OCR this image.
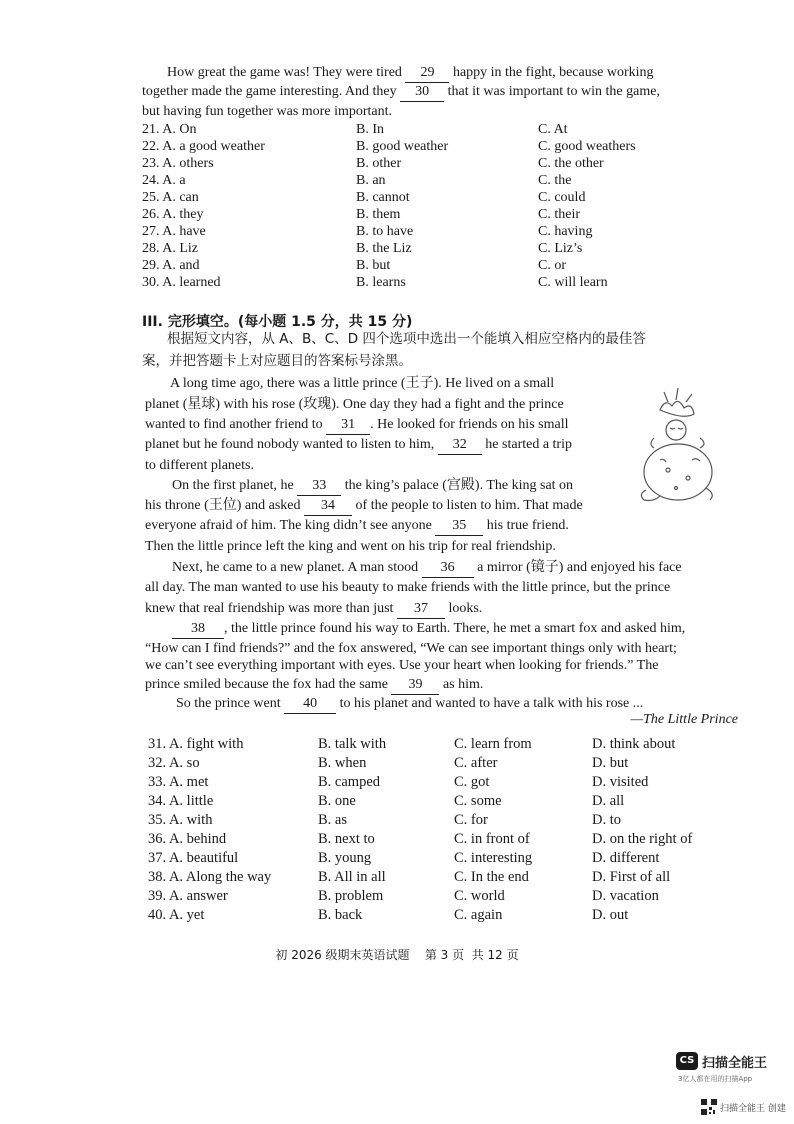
How great the game was! They were tired 29 happy in the fight, because working
together made the game interesting. And they 30 that it was important to win the game,
but having fun together was more important.
21. A. On	B. In	C. At
22. A. a good weather	B. good weather	C. good weathers
23. A. others	B. other	C. the other
24. A. a	B. an	C. the
25. A. can	B. cannot	C. could
26. A. they	B. them	C. their
27. A. have	B. to have	C. having
28. A. Liz	B. the Liz	C. Liz’s
29. A. and	B. but	C. or
30. A. learned	B. learns	C. will learn
III. 完形填空。(每小题 1.5 分，共 15 分)
根据短文内容，从 A、B、C、D 四个选项中选出一个能填入相应空格内的最佳答
案，并把答题卡上对应题目的答案标号涂黑。
A long time ago, there was a little prince (王子). He lived on a small
planet (星球) with his rose (玫瑰). One day they had a fight and the prince
wanted to find another friend to 31 . He looked for friends on his small
planet but he found nobody wanted to listen to him, 32 he started a trip
to different planets.
On the first planet, he 33 the king’s palace (宫殿). The king sat on
his throne (王位) and asked 34 of the people to listen to him. That made
everyone afraid of him. The king didn’t see anyone 35 his true friend.
Then the little prince left the king and went on his trip for real friendship.
Next, he came to a new planet. A man stood 36 a mirror (镜子) and enjoyed his face
all day. The man wanted to use his beauty to make friends with the little prince, but the prince
knew that real friendship was more than just 37 looks.
38 , the little prince found his way to Earth. There, he met a smart fox and asked him,
“How can I find friends?” and the fox answered, “We can see important things only with heart;
we can’t see everything important with eyes. Use your heart when looking for friends.” The
prince smiled because the fox had the same 39 as him.
So the prince went 40 to his planet and wanted to have a talk with his rose ...
—The Little Prince
31. A. fight with	B. talk with	C. learn from	D. think about
32. A. so	B. when	C. after	D. but
33. A. met	B. camped	C. got	D. visited
34. A. little	B. one	C. some	D. all
35. A. with	B. as	C. for	D. to
36. A. behind	B. next to	C. in front of	D. on the right of
37. A. beautiful	B. young	C. interesting	D. different
38. A. Along the way	B. All in all	C. In the end	D. First of all
39. A. answer	B. problem	C. world	D. vacation
40. A. yet	B. back	C. again	D. out
初 2026 级期末英语试题    第 3 页  共 12 页
CS 扫描全能王
3亿人都在用的扫描App
扫描全能王 创建
